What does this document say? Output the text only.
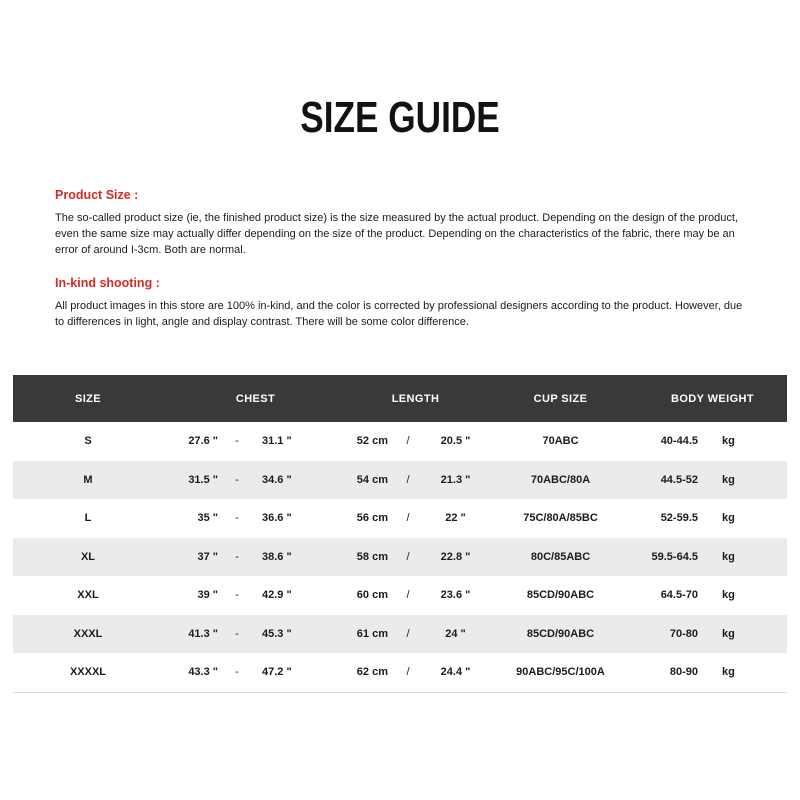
SIZE GUIDE

Product Size :

The so-called product size (ie, the finished product size) is the size measured by the actual product. Depending on the design of the product, even the same size may actually differ depending on the size of the product. Depending on the characteristics of the fabric, there may be an error of around I-3cm. Both are normal.

In-kind shooting :

All product images in this store are 100% in-kind, and the color is corrected by professional designers according to the product. However, due to differences in light, angle and display contrast. There will be some color difference.

SIZE	CHEST	LENGTH	CUP SIZE	BODY WEIGHT
S	27.6 "	-	31.1 "	52 cm	/	20.5 "	70ABC	40-44.5	kg
M	31.5 "	-	34.6 "	54 cm	/	21.3 "	70ABC/80A	44.5-52	kg
L	35 "	-	36.6 "	56 cm	/	22 "	75C/80A/85BC	52-59.5	kg
XL	37 "	-	38.6 "	58 cm	/	22.8 "	80C/85ABC	59.5-64.5	kg
XXL	39 "	-	42.9 "	60 cm	/	23.6 "	85CD/90ABC	64.5-70	kg
XXXL	41.3 "	-	45.3 "	61 cm	/	24 "	85CD/90ABC	70-80	kg
XXXXL	43.3 "	-	47.2 "	62 cm	/	24.4 "	90ABC/95C/100A	80-90	kg
